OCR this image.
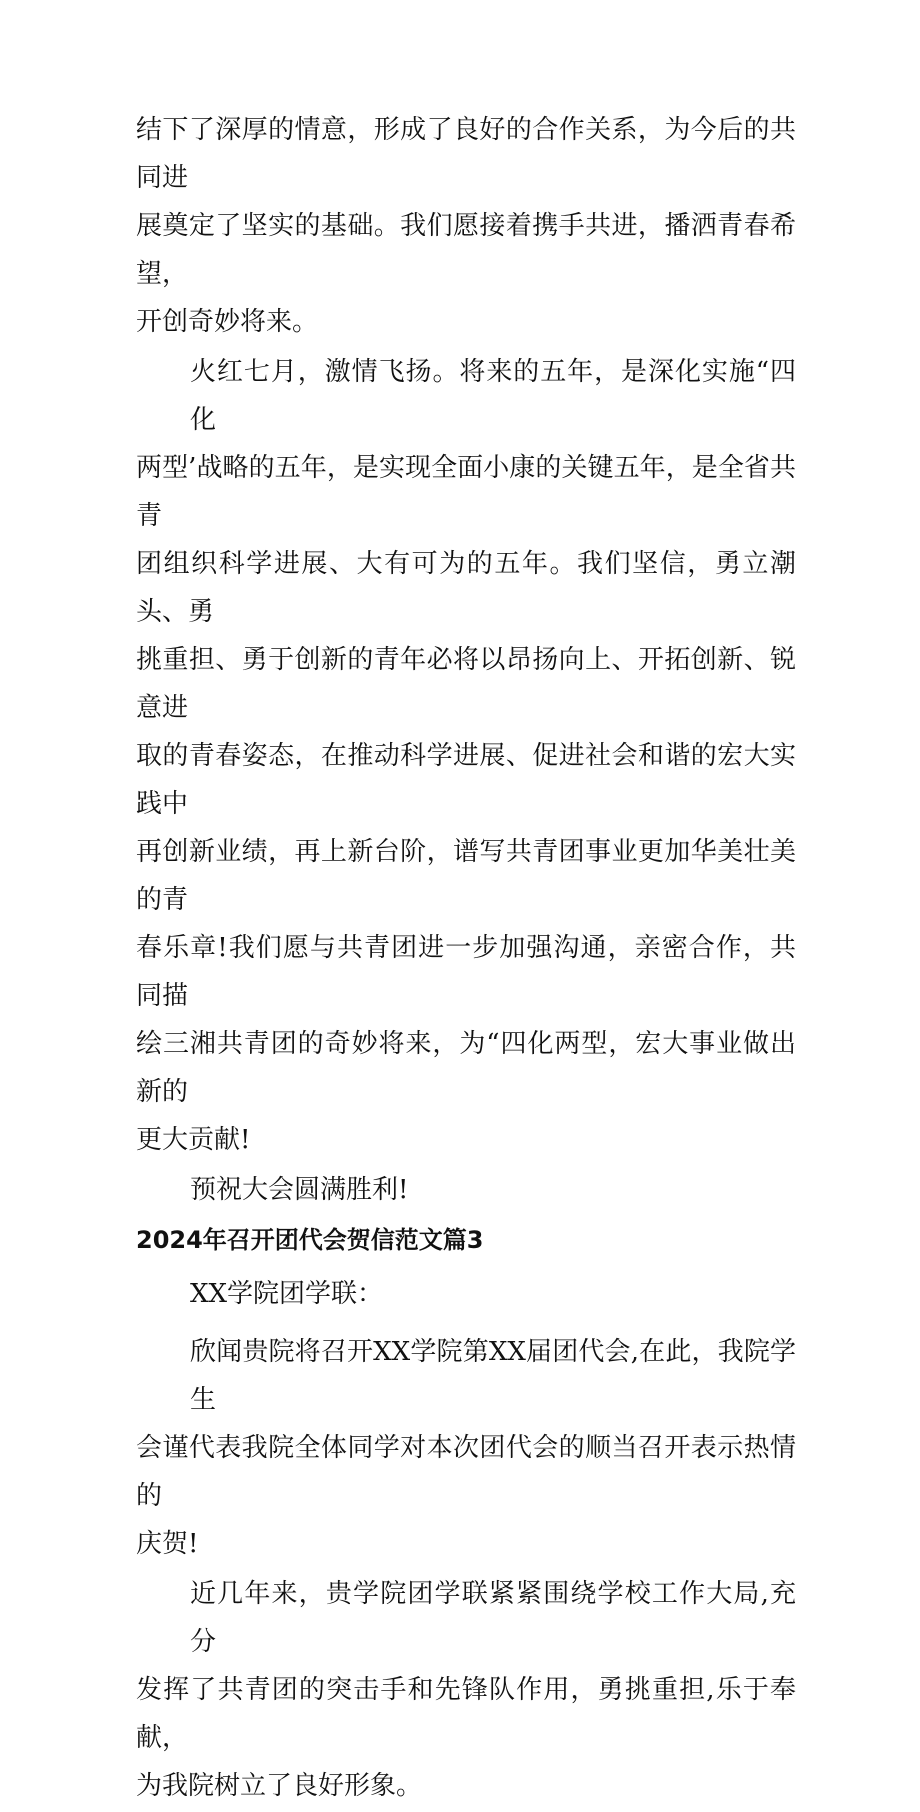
结下了深厚的情意，形成了良好的合作关系，为今后的共同进
展奠定了坚实的基础。我们愿接着携手共进，播洒青春希望，
开创奇妙将来。

火红七月，激情飞扬。将来的五年，是深化实施“四化
两型’战略的五年，是实现全面小康的关键五年，是全省共青
团组织科学进展、大有可为的五年。我们坚信，勇立潮头、勇
挑重担、勇于创新的青年必将以昂扬向上、开拓创新、锐意进
取的青春姿态，在推动科学进展、促进社会和谐的宏大实践中
再创新业绩，再上新台阶，谱写共青团事业更加华美壮美的青
春乐章!我们愿与共青团进一步加强沟通，亲密合作，共同描
绘三湘共青团的奇妙将来，为“四化两型，宏大事业做出新的
更大贡献!

预祝大会圆满胜利!

2024年召开团代会贺信范文篇3
XX学院团学联：

欣闻贵院将召开XX学院第XX届团代会,在此，我院学生
会谨代表我院全体同学对本次团代会的顺当召开表示热情的
庆贺!

近几年来，贵学院团学联紧紧围绕学校工作大局,充分
发挥了共青团的突击手和先锋队作用，勇挑重担,乐于奉献，
为我院树立了良好形象。
